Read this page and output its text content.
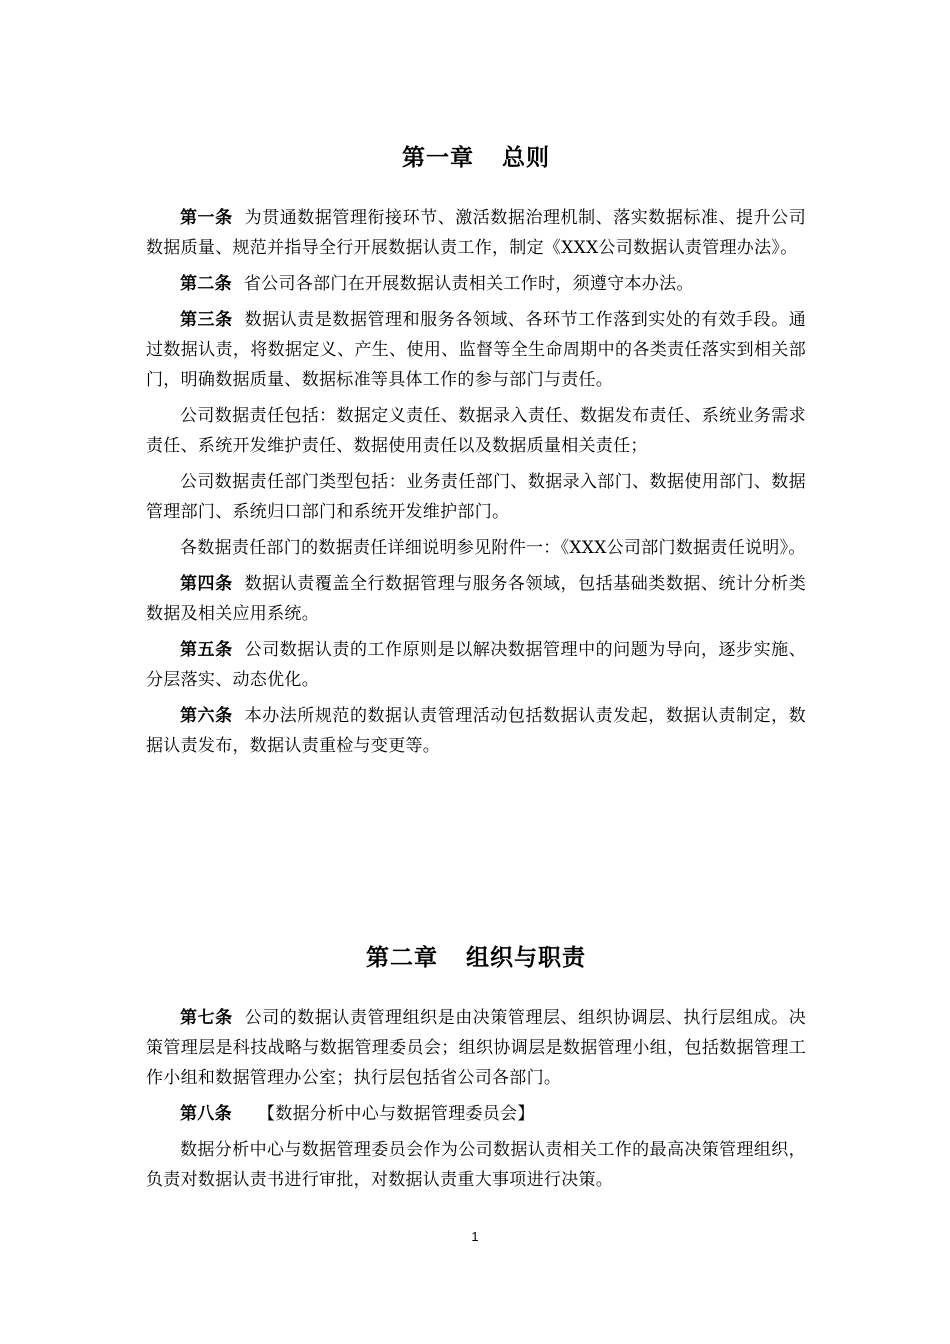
第一章 总则

第一条 为贯通数据管理衔接环节、激活数据治理机制、落实数据标准、提升公司数据质量、规范并指导全行开展数据认责工作，制定《XXX公司数据认责管理办法》。

第二条 省公司各部门在开展数据认责相关工作时，须遵守本办法。

第三条 数据认责是数据管理和服务各领域、各环节工作落到实处的有效手段。通过数据认责，将数据定义、产生、使用、监督等全生命周期中的各类责任落实到相关部门，明确数据质量、数据标准等具体工作的参与部门与责任。

公司数据责任包括：数据定义责任、数据录入责任、数据发布责任、系统业务需求责任、系统开发维护责任、数据使用责任以及数据质量相关责任；

公司数据责任部门类型包括：业务责任部门、数据录入部门、数据使用部门、数据管理部门、系统归口部门和系统开发维护部门。

各数据责任部门的数据责任详细说明参见附件一：《XXX公司部门数据责任说明》。

第四条 数据认责覆盖全行数据管理与服务各领域，包括基础类数据、统计分析类数据及相关应用系统。

第五条 公司数据认责的工作原则是以解决数据管理中的问题为导向，逐步实施、分层落实、动态优化。

第六条 本办法所规范的数据认责管理活动包括数据认责发起，数据认责制定，数据认责发布，数据认责重检与变更等。

第二章 组织与职责

第七条 公司的数据认责管理组织是由决策管理层、组织协调层、执行层组成。决策管理层是科技战略与数据管理委员会；组织协调层是数据管理小组，包括数据管理工作小组和数据管理办公室；执行层包括省公司各部门。

第八条 【数据分析中心与数据管理委员会】

数据分析中心与数据管理委员会作为公司数据认责相关工作的最高决策管理组织，负责对数据认责书进行审批，对数据认责重大事项进行决策。

1
